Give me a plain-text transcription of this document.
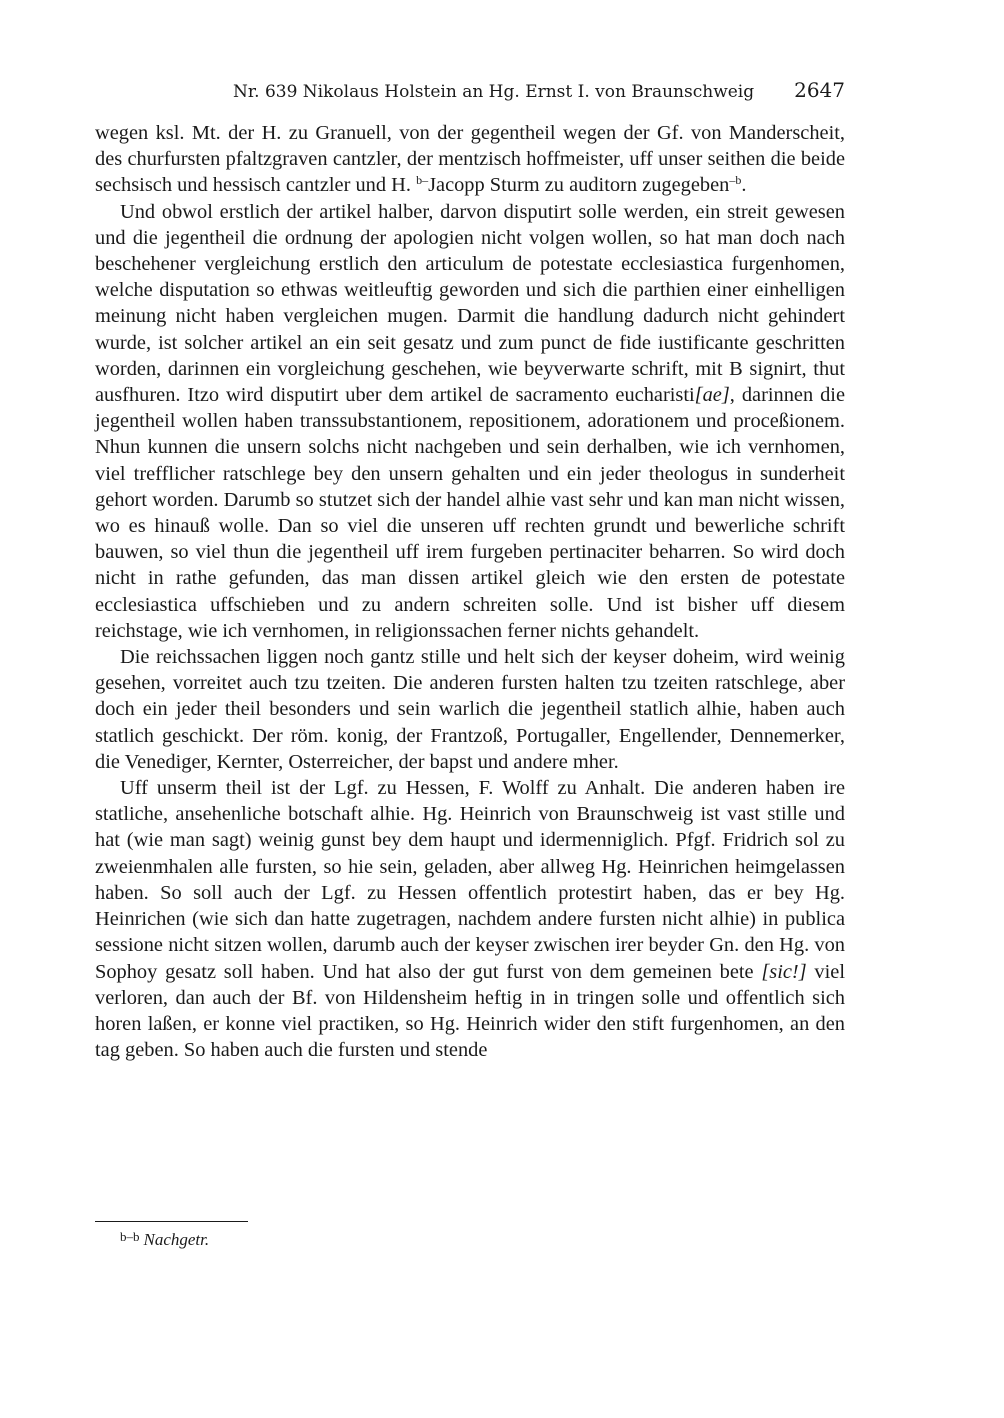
Nr. 639 Nikolaus Holstein an Hg. Ernst I. von Braunschweig 2647

wegen ksl. Mt. der H. zu Granuell, von der gegentheil wegen der Gf. von Manderscheit, des churfursten pfaltzgraven cantzler, der mentzisch hoffmeister, uff unser seithen die beide sechsisch und hessisch cantzler und H. $^{b-}$Jacopp Sturm zu auditorn zugegeben$^{-b}$.

Und obwol erstlich der artikel halber, darvon disputirt solle werden, ein streit gewesen und die jegentheil die ordnung der apologien nicht volgen wollen, so hat man doch nach beschehener vergleichung erstlich den articulum de potestate ecclesiastica furgenhomen, welche disputation so ethwas weitleuftig geworden und sich die parthien einer einhelligen meinung nicht haben vergleichen mugen. Darmit die handlung dadurch nicht gehindert wurde, ist solcher artikel an ein seit gesatz und zum punct de fide iustificante geschritten worden, darinnen ein vorgleichung geschehen, wie beyverwarte schrift, mit B signirt, thut ausfhuren. Itzo wird disputirt uber dem artikel de sacramento eucharisti[ae], darinnen die jegentheil wollen haben transsubstantionem, repositionem, adorationem und proceßionem. Nhun kunnen die unsern solchs nicht nachgeben und sein derhalben, wie ich vernhomen, viel trefflicher ratschlege bey den unsern gehalten und ein jeder theologus in sunderheit gehort worden. Darumb so stutzet sich der handel alhie vast sehr und kan man nicht wissen, wo es hinauß wolle. Dan so viel die unseren uff rechten grundt und bewerliche schrift bauwen, so viel thun die jegentheil uff irem furgeben pertinaciter beharren. So wird doch nicht in rathe gefunden, das man dissen artikel gleich wie den ersten de potestate ecclesiastica uffschieben und zu andern schreiten solle. Und ist bisher uff diesem reichstage, wie ich vernhomen, in religionssachen ferner nichts gehandelt.

Die reichssachen liggen noch gantz stille und helt sich der keyser doheim, wird weinig gesehen, vorreitet auch tzu tzeiten. Die anderen fursten halten tzu tzeiten ratschlege, aber doch ein jeder theil besonders und sein warlich die jegentheil statlich alhie, haben auch statlich geschickt. Der röm. konig, der Frantzoß, Portugaller, Engellender, Dennemerker, die Venediger, Kernter, Osterreicher, der bapst und andere mher.

Uff unserm theil ist der Lgf. zu Hessen, F. Wolff zu Anhalt. Die anderen haben ire statliche, ansehenliche botschaft alhie. Hg. Heinrich von Braunschweig ist vast stille und hat (wie man sagt) weinig gunst bey dem haupt und idermenniglich. Pfgf. Fridrich sol zu zweienmhalen alle fursten, so hie sein, geladen, aber allweg Hg. Heinrichen heimgelassen haben. So soll auch der Lgf. zu Hessen offentlich protestirt haben, das er bey Hg. Heinrichen (wie sich dan hatte zugetragen, nachdem andere fursten nicht alhie) in publica sessione nicht sitzen wollen, darumb auch der keyser zwischen irer beyder Gn. den Hg. von Sophoy gesatz soll haben. Und hat also der gut furst von dem gemeinen bete [sic!] viel verloren, dan auch der Bf. von Hildensheim heftig in in tringen solle und offentlich sich horen laßen, er konne viel practiken, so Hg. Heinrich wider den stift furgenhomen, an den tag geben. So haben auch die fursten und stende

$^{b-b}$ Nachgetr.
